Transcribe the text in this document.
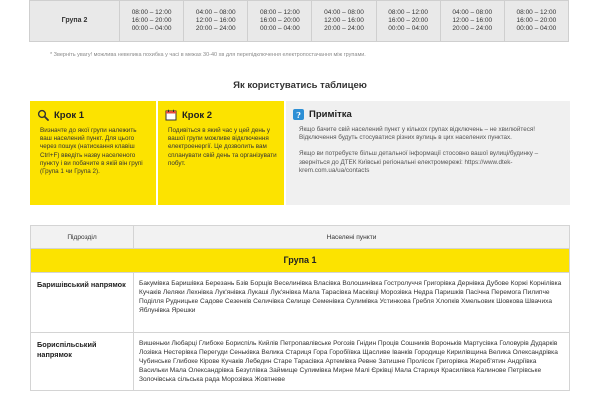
Група 2	08:00 – 12:00
16:00 – 20:00
00:00 – 04:00	04:00 – 08:00
12:00 – 16:00
20:00 – 24:00	08:00 – 12:00
16:00 – 20:00
00:00 – 04:00	04:00 – 08:00
12:00 – 16:00
20:00 – 24:00	08:00 – 12:00
16:00 – 20:00
00:00 – 04:00	04:00 – 08:00
12:00 – 16:00
20:00 – 24:00	08:00 – 12:00
16:00 – 20:00
00:00 – 04:00
* Зверніть увагу! можлива невелика похибка у часі в межах 30-40 хв для перепідключення електропостачання між групами.
Як користуватись таблицею
Крок 1
Визначте до якої групи належить ваш населений пункт. Для цього через пошук (натискання клавіш Ctrl+F) введіть назву населеного пункту і ви побачите в якій він групі (Група 1 чи Група 2).
Крок 2
Подивіться в який час у цей день у вашої групи можливе відключення електроенергії. Це дозволить вам спланувати свій день та організувати побут.
? Примітка

Якщо бачите свій населений пункт у кількох групах відключень – не хвилюйтеся! Відключення будуть стосуватися різних вулиць в цих населених пунктах.

Якщо ви потребуєте більш детальної інформації стосовно вашої вулиці/будинку – зверніться до ДТЕК Київські регіональні електромережі: https://www.dtek-krem.com.ua/ua/contacts

Підрозділ	Населені пункти
Група 1	
Баришівський напрямок	Бакумівка Баришівка Березань Бзів Борщів Веселинівка Власівка Волошинівка Гостролуччя Григорівка Дернівка Дубове Коржі Корнілівка Кучаків Леляки Лехнівка Лук'янівка Лукаші Лук'янівка Мала Тарасівка Масківці Морозівка Недра Паришків Пасічна Перемога Пилипче Поділля Рудницьке Садове Сезенків Селичівка Селище Семенівка Сулимівка Устинкова Гребля Хлопків Хмельовик Шовкова Швачиха Яблунівка Ярешки
Бориспільський напрямок	Вишеньки Любарці Глибоке Бориспіль Кийлів Петропавлівське Рогозів Гнідин Проців Сошників Вороньків Мартусівка Головурів Дударків Лозівка Нестерівка Перегуди Сеньківка Велика Стариця Гора Горобіївка Щасливе Іванків Городище Кирилівщина Велика Олександрівка Чубинське Глибоке Кірове Кучаків Лебедин Старе Тарасівка Артемівка Ревне Затишне Пролісок Григорівка Жереб'ятин Андріївка Васильки Мала Олександрівка Безуглівка Займище Сулимівка Мирне Малі Єрківці Мала Стариця Красилівка Калинове Петрівське Золочівська сільська рада Морозівка Жовтневе
